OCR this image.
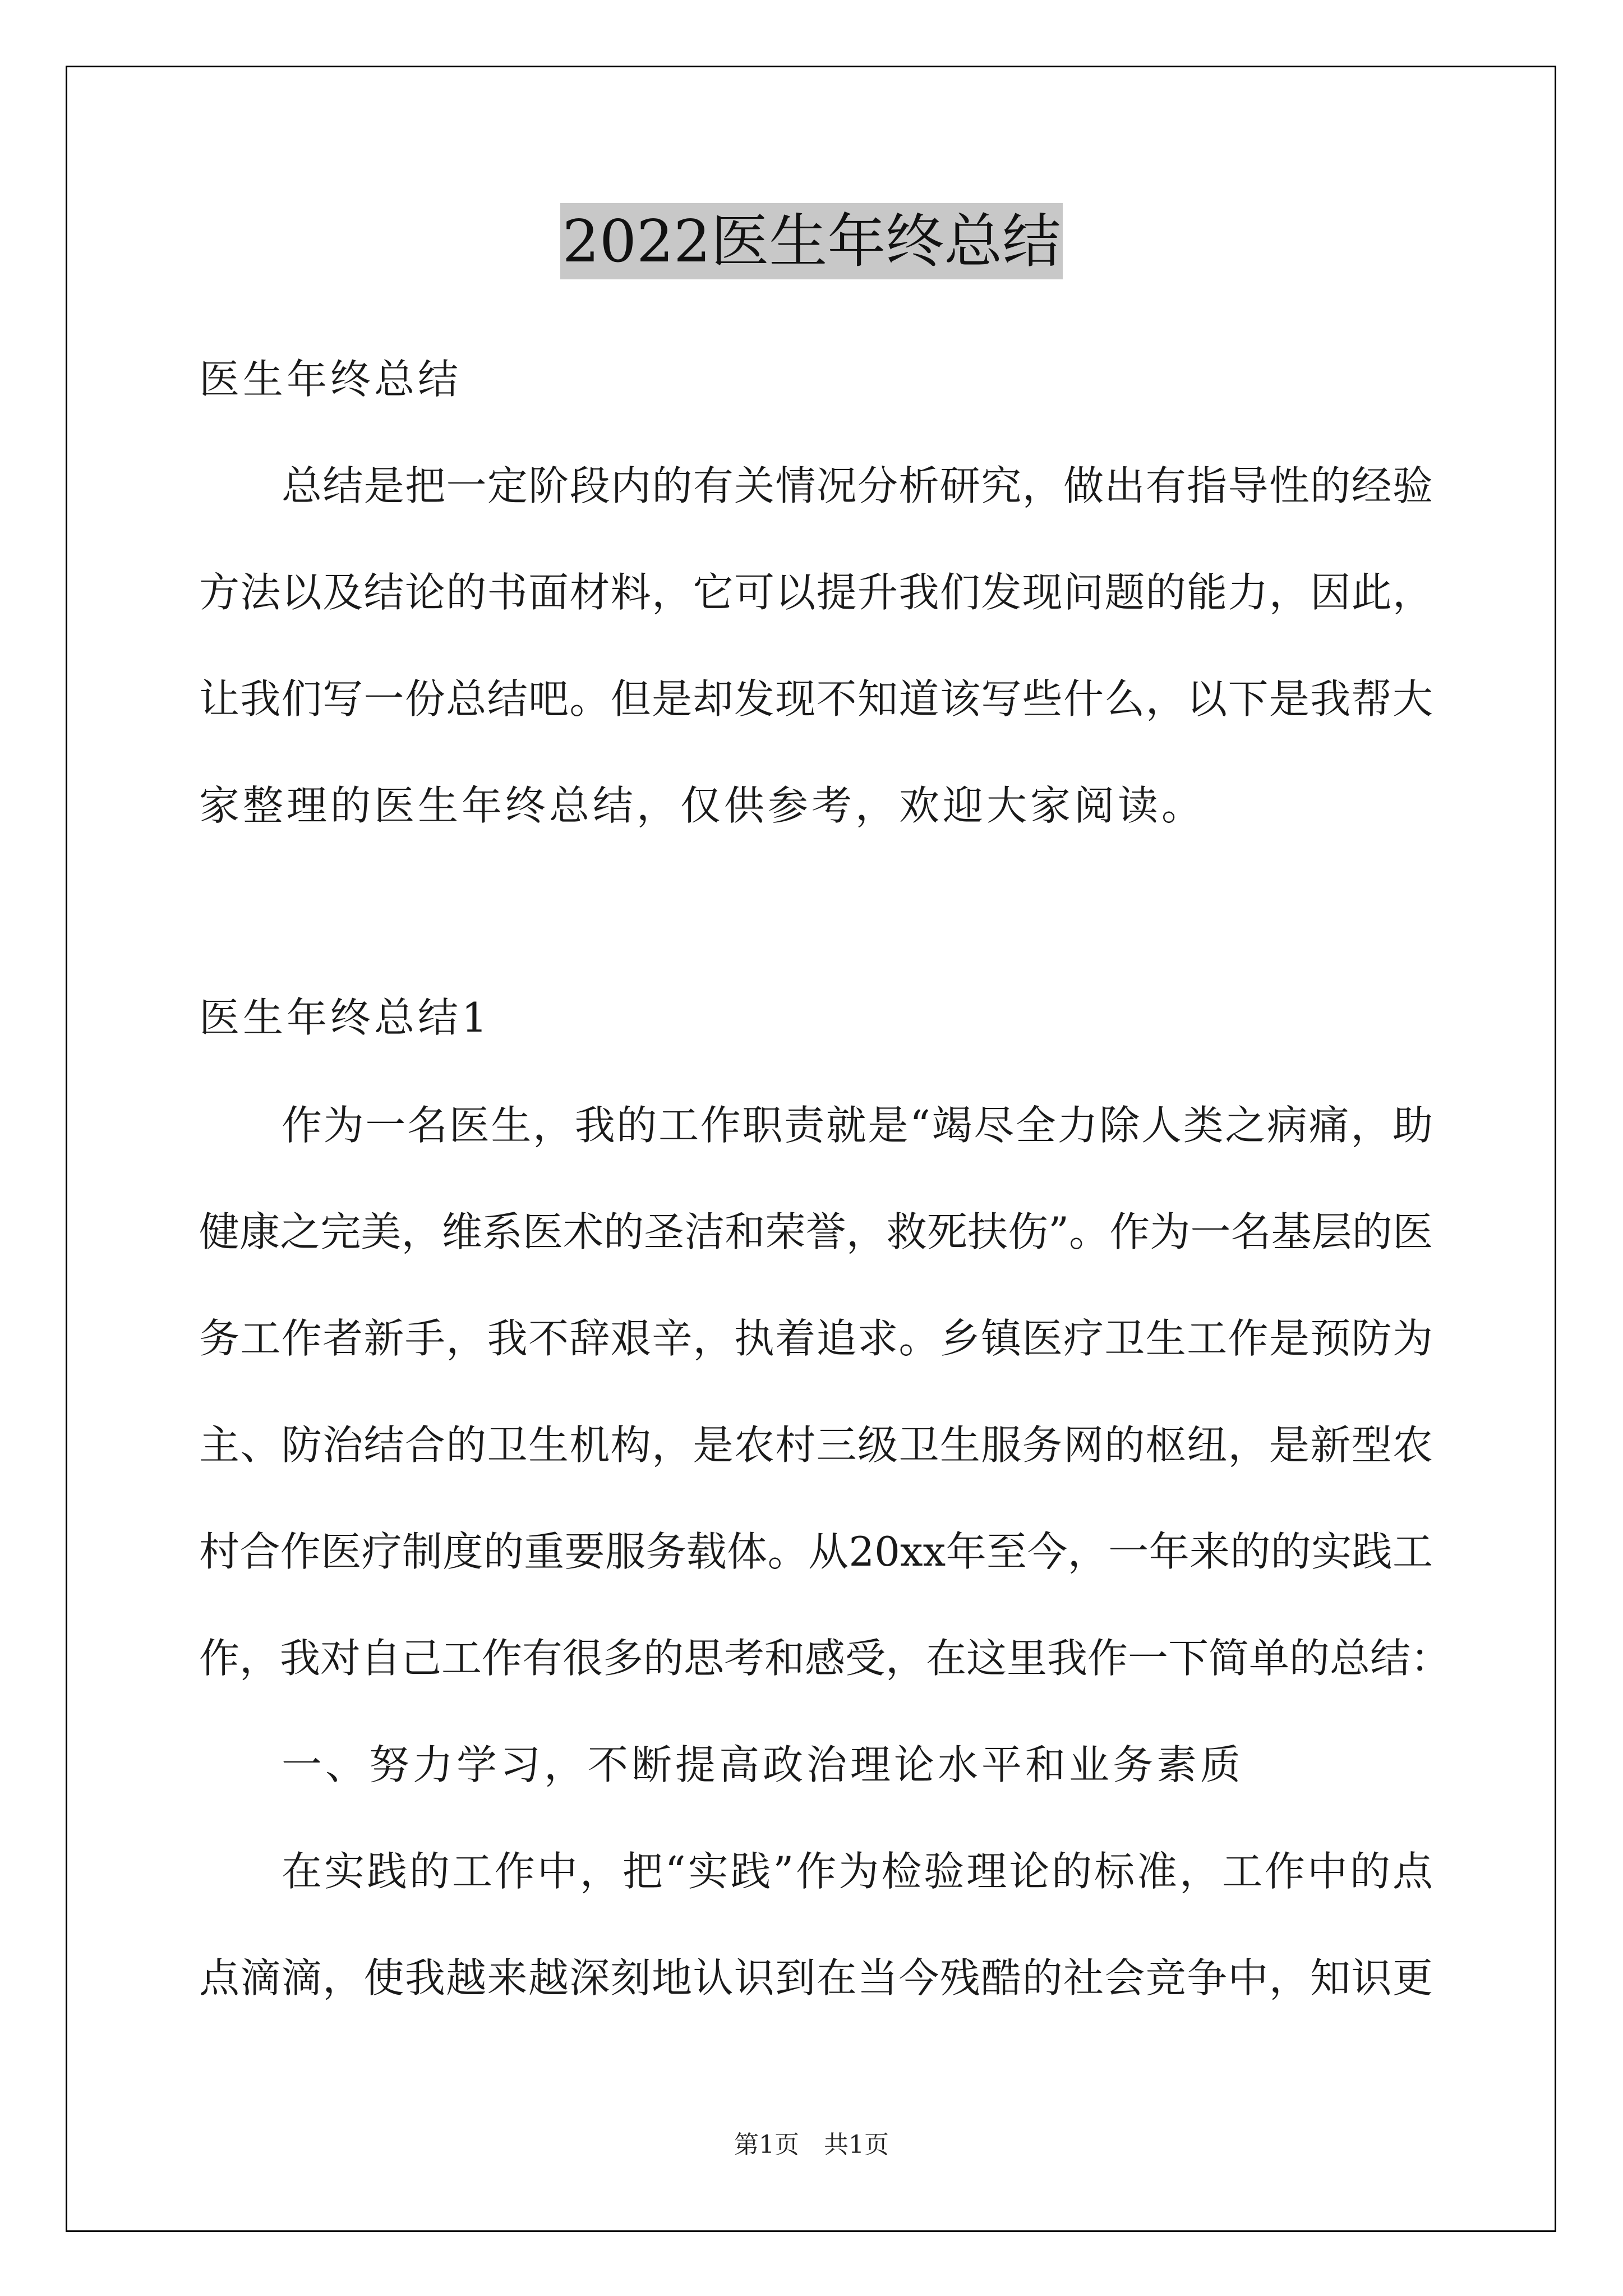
2022医生年终总结
医生年终总结
总结是把一定阶段内的有关情况分析研究，做出有指导性的经验
方法以及结论的书面材料，它可以提升我们发现问题的能力，因此，
让我们写一份总结吧。但是却发现不知道该写些什么，以下是我帮大
家整理的医生年终总结，仅供参考，欢迎大家阅读。
医生年终总结1
作为一名医生，我的工作职责就是“竭尽全力除人类之病痛，助
健康之完美，维系医术的圣洁和荣誉，救死扶伤”。作为一名基层的医
务工作者新手，我不辞艰辛，执着追求。乡镇医疗卫生工作是预防为
主、防治结合的卫生机构，是农村三级卫生服务网的枢纽，是新型农
村合作医疗制度的重要服务载体。从20xx年至今，一年来的的实践工
作，我对自己工作有很多的思考和感受，在这里我作一下简单的总结：
一、努力学习，不断提高政治理论水平和业务素质
在实践的工作中，把“实践”作为检验理论的标准，工作中的点
点滴滴，使我越来越深刻地认识到在当今残酷的社会竞争中，知识更
第1页　共1页
